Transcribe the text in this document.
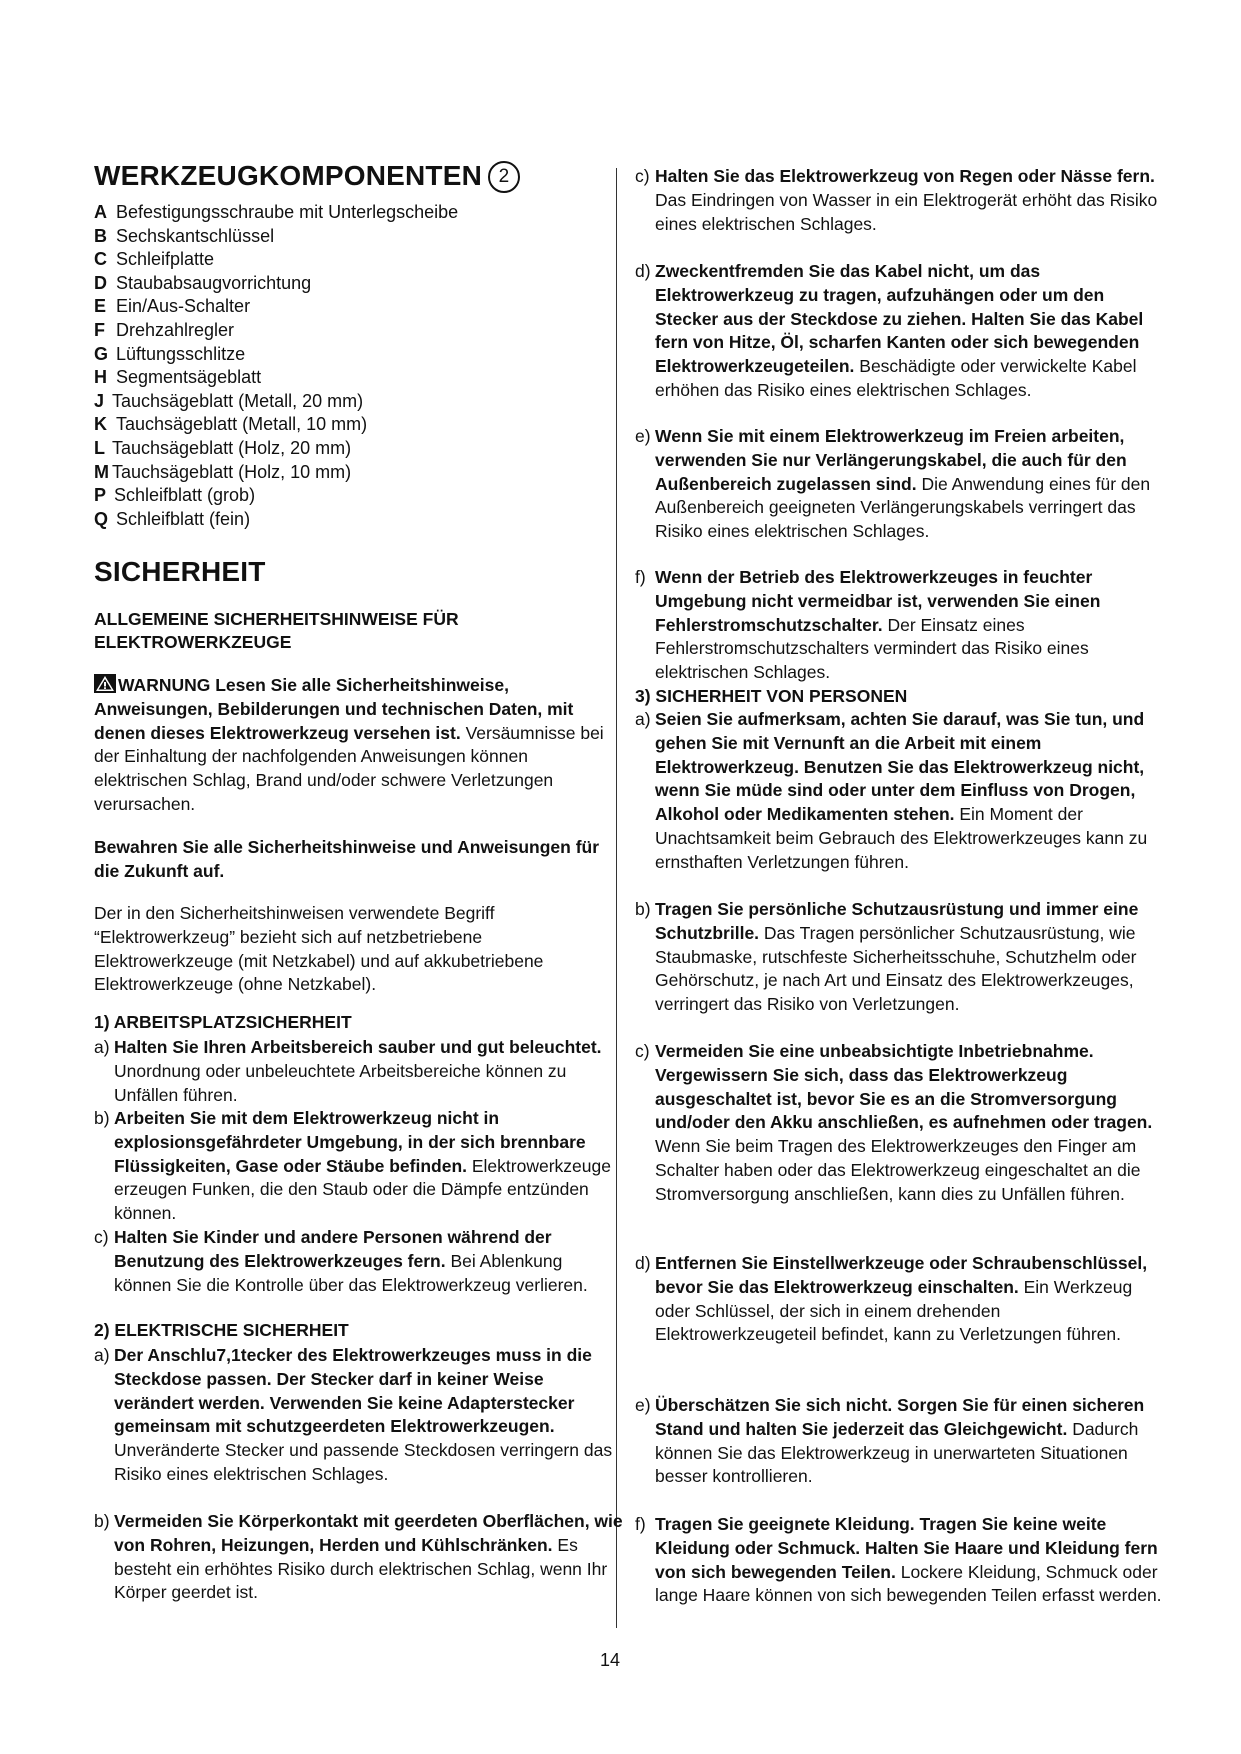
WERKZEUGKOMPONENTEN 2
A Befestigungsschraube mit Unterlegscheibe
B Sechskantschlüssel
C Schleifplatte
D Staubabsaugvorrichtung
E Ein/Aus-Schalter
F Drehzahlregler
G Lüftungsschlitze
H Segmentsägeblatt
J Tauchsägeblatt (Metall, 20 mm)
K Tauchsägeblatt (Metall, 10 mm)
L Tauchsägeblatt (Holz, 20 mm)
M Tauchsägeblatt (Holz, 10 mm)
P Schleifblatt (grob)
Q Schleifblatt (fein)
SICHERHEIT

ALLGEMEINE SICHERHEITSHINWEISE FÜR ELEKTROWERKZEUGE

WARNUNG Lesen Sie alle Sicherheitshinweise, Anweisungen, Bebilderungen und technischen Daten, mit denen dieses Elektrowerkzeug versehen ist. Versäumnisse bei der Einhaltung der nachfolgenden Anweisungen können elektrischen Schlag, Brand und/oder schwere Verletzungen verursachen.

Bewahren Sie alle Sicherheitshinweise und Anweisungen für die Zukunft auf.

Der in den Sicherheitshinweisen verwendete Begriff “Elektrowerkzeug” bezieht sich auf netzbetriebene Elektrowerkzeuge (mit Netzkabel) und auf akkubetriebene Elektrowerkzeuge (ohne Netzkabel).

1) ARBEITSPLATZSICHERHEIT

a) Halten Sie Ihren Arbeitsbereich sauber und gut beleuchtet. Unordnung oder unbeleuchtete Arbeitsbereiche können zu Unfällen führen.

b) Arbeiten Sie mit dem Elektrowerkzeug nicht in explosionsgefährdeter Umgebung, in der sich brennbare Flüssigkeiten, Gase oder Stäube befinden. Elektrowerkzeuge erzeugen Funken, die den Staub oder die Dämpfe entzünden können.

c) Halten Sie Kinder und andere Personen während der Benutzung des Elektrowerkzeuges fern. Bei Ablenkung können Sie die Kontrolle über das Elektrowerkzeug verlieren.

2) ELEKTRISCHE SICHERHEIT

a) Der Anschlu7,1tecker des Elektrowerkzeuges muss in die Steckdose passen. Der Stecker darf in keiner Weise verändert werden. Verwenden Sie keine Adapterstecker gemeinsam mit schutzgeerdeten Elektrowerkzeugen. Unveränderte Stecker und passende Steckdosen verringern das Risiko eines elektrischen Schlages.

b) Vermeiden Sie Körperkontakt mit geerdeten Oberflächen, wie von Rohren, Heizungen, Herden und Kühlschränken. Es besteht ein erhöhtes Risiko durch elektrischen Schlag, wenn Ihr Körper geerdet ist.

c) Halten Sie das Elektrowerkzeug von Regen oder Nässe fern. Das Eindringen von Wasser in ein Elektrogerät erhöht das Risiko eines elektrischen Schlages.

d) Zweckentfremden Sie das Kabel nicht, um das Elektrowerkzeug zu tragen, aufzuhängen oder um den Stecker aus der Steckdose zu ziehen. Halten Sie das Kabel fern von Hitze, Öl, scharfen Kanten oder sich bewegenden Elektrowerkzeugeteilen. Beschädigte oder verwickelte Kabel erhöhen das Risiko eines elektrischen Schlages.

e) Wenn Sie mit einem Elektrowerkzeug im Freien arbeiten, verwenden Sie nur Verlängerungskabel, die auch für den Außenbereich zugelassen sind. Die Anwendung eines für den Außenbereich geeigneten Verlängerungskabels verringert das Risiko eines elektrischen Schlages.

f) Wenn der Betrieb des Elektrowerkzeuges in feuchter Umgebung nicht vermeidbar ist, verwenden Sie einen Fehlerstromschutzschalter. Der Einsatz eines Fehlerstromschutzschalters vermindert das Risiko eines elektrischen Schlages.

3) SICHERHEIT VON PERSONEN

a) Seien Sie aufmerksam, achten Sie darauf, was Sie tun, und gehen Sie mit Vernunft an die Arbeit mit einem Elektrowerkzeug. Benutzen Sie das Elektrowerkzeug nicht, wenn Sie müde sind oder unter dem Einfluss von Drogen, Alkohol oder Medikamenten stehen. Ein Moment der Unachtsamkeit beim Gebrauch des Elektrowerkzeuges kann zu ernsthaften Verletzungen führen.

b) Tragen Sie persönliche Schutzausrüstung und immer eine Schutzbrille. Das Tragen persönlicher Schutzausrüstung, wie Staubmaske, rutschfeste Sicherheitsschuhe, Schutzhelm oder Gehörschutz, je nach Art und Einsatz des Elektrowerkzeuges, verringert das Risiko von Verletzungen.

c) Vermeiden Sie eine unbeabsichtigte Inbetriebnahme. Vergewissern Sie sich, dass das Elektrowerkzeug ausgeschaltet ist, bevor Sie es an die Stromversorgung und/oder den Akku anschließen, es aufnehmen oder tragen. Wenn Sie beim Tragen des Elektrowerkzeuges den Finger am Schalter haben oder das Elektrowerkzeug eingeschaltet an die Stromversorgung anschließen, kann dies zu Unfällen führen.

d) Entfernen Sie Einstellwerkzeuge oder Schraubenschlüssel, bevor Sie das Elektrowerkzeug einschalten. Ein Werkzeug oder Schlüssel, der sich in einem drehenden Elektrowerkzeugeteil befindet, kann zu Verletzungen führen.

e) Überschätzen Sie sich nicht. Sorgen Sie für einen sicheren Stand und halten Sie jederzeit das Gleichgewicht. Dadurch können Sie das Elektrowerkzeug in unerwarteten Situationen besser kontrollieren.

f) Tragen Sie geeignete Kleidung. Tragen Sie keine weite Kleidung oder Schmuck. Halten Sie Haare und Kleidung fern von sich bewegenden Teilen. Lockere Kleidung, Schmuck oder lange Haare können von sich bewegenden Teilen erfasst werden.

14
